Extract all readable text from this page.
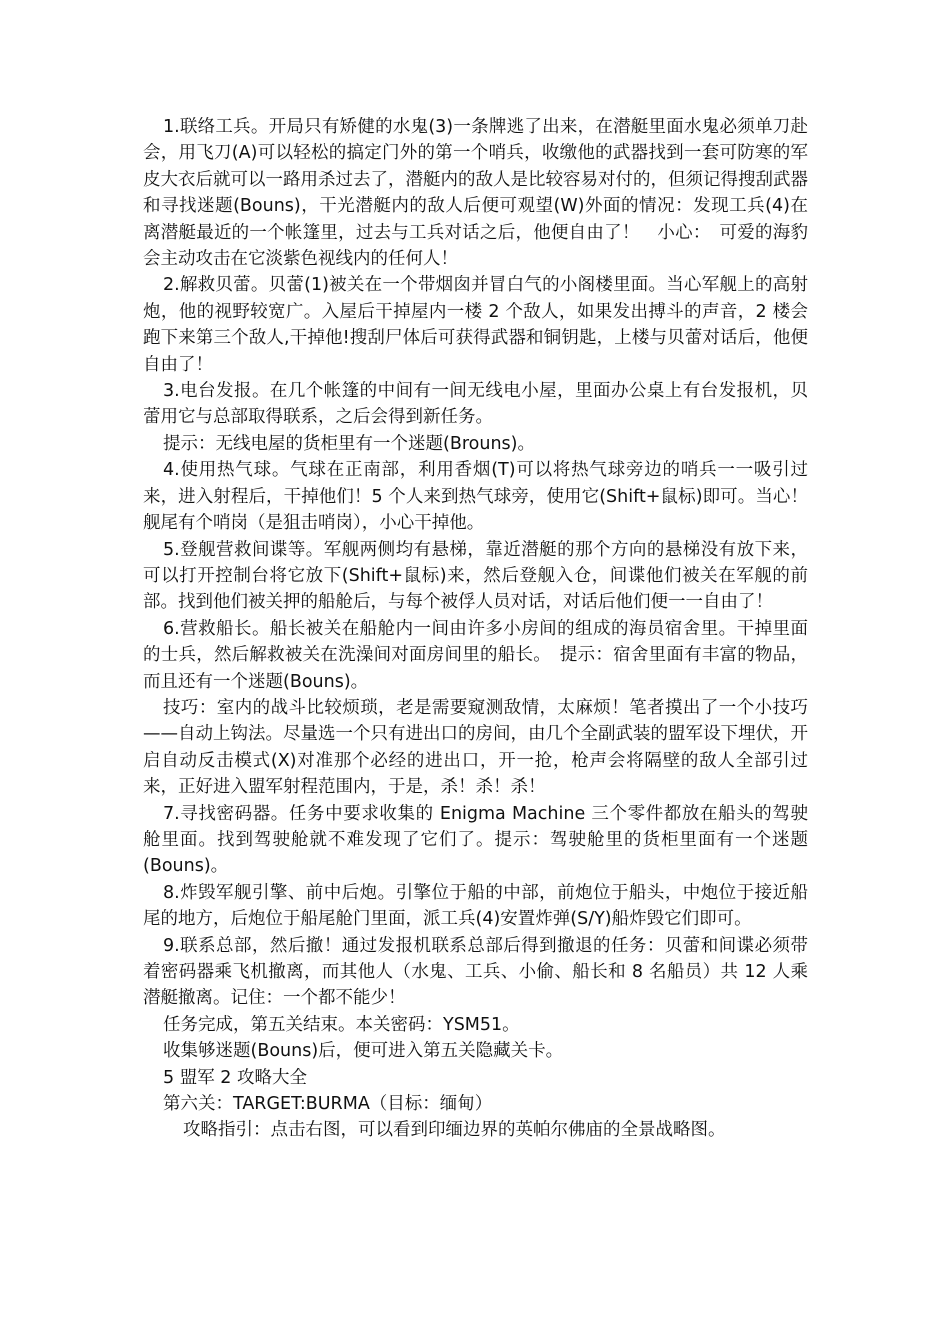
1.联络工兵。开局只有矫健的水鬼(3)一条牌逃了出来，在潜艇里面水鬼必须单刀赴会，用飞刀(A)可以轻松的搞定门外的第一个哨兵，收缴他的武器找到一套可防寒的军皮大衣后就可以一路用杀过去了，潜艇内的敌人是比较容易对付的，但须记得搜刮武器和寻找迷题(Bouns)，干光潜艇内的敌人后便可观望(W)外面的情况：发现工兵(4)在离潜艇最近的一个帐篷里，过去与工兵对话之后，他便自由了！　小心：　可爱的海豹会主动攻击在它淡紫色视线内的任何人！

2.解救贝蕾。贝蕾(1)被关在一个带烟囱并冒白气的小阁楼里面。当心军舰上的高射炮，他的视野较宽广。入屋后干掉屋内一楼 2 个敌人，如果发出搏斗的声音，2 楼会跑下来第三个敌人,干掉他!搜刮尸体后可获得武器和铜钥匙，上楼与贝蕾对话后，他便自由了！

3.电台发报。在几个帐篷的中间有一间无线电小屋，里面办公桌上有台发报机，贝蕾用它与总部取得联系，之后会得到新任务。

提示：无线电屋的货柜里有一个迷题(Brouns)。

4.使用热气球。气球在正南部，利用香烟(T)可以将热气球旁边的哨兵一一吸引过来，进入射程后，干掉他们！5 个人来到热气球旁，使用它(Shift+鼠标)即可。当心！舰尾有个哨岗（是狙击哨岗），小心干掉他。

5.登舰营救间谍等。军舰两侧均有悬梯，靠近潜艇的那个方向的悬梯没有放下来，可以打开控制台将它放下(Shift+鼠标)来，然后登舰入仓，间谍他们被关在军舰的前部。找到他们被关押的船舱后，与每个被俘人员对话，对话后他们便一一自由了！

6.营救船长。船长被关在船舱内一间由许多小房间的组成的海员宿舍里。干掉里面的士兵，然后解救被关在洗澡间对面房间里的船长。　提示：宿舍里面有丰富的物品，而且还有一个迷题(Bouns)。

技巧：室内的战斗比较烦琐，老是需要窥测敌情，太麻烦！笔者摸出了一个小技巧——自动上钩法。尽量选一个只有进出口的房间，由几个全副武装的盟军设下埋伏，开启自动反击模式(X)对准那个必经的进出口，开一抢，枪声会将隔壁的敌人全部引过来，正好进入盟军射程范围内，于是，杀！杀！杀！

7.寻找密码器。任务中要求收集的 Enigma Machine 三个零件都放在船头的驾驶舱里面。找到驾驶舱就不难发现了它们了。提示：驾驶舱里的货柜里面有一个迷题(Bouns)。

8.炸毁军舰引擎、前中后炮。引擎位于船的中部，前炮位于船头，中炮位于接近船尾的地方，后炮位于船尾舱门里面，派工兵(4)安置炸弹(S/Y)船炸毁它们即可。

9.联系总部，然后撤！通过发报机联系总部后得到撤退的任务：贝蕾和间谍必须带着密码器乘飞机撤离，而其他人（水鬼、工兵、小偷、船长和 8 名船员）共 12 人乘潜艇撤离。记住：一个都不能少！

任务完成，第五关结束。本关密码：YSM51。

收集够迷题(Bouns)后，便可进入第五关隐藏关卡。

5 盟军 2 攻略大全

第六关：TARGET:BURMA（目标：缅甸）

攻略指引：点击右图，可以看到印缅边界的英帕尔佛庙的全景战略图。
